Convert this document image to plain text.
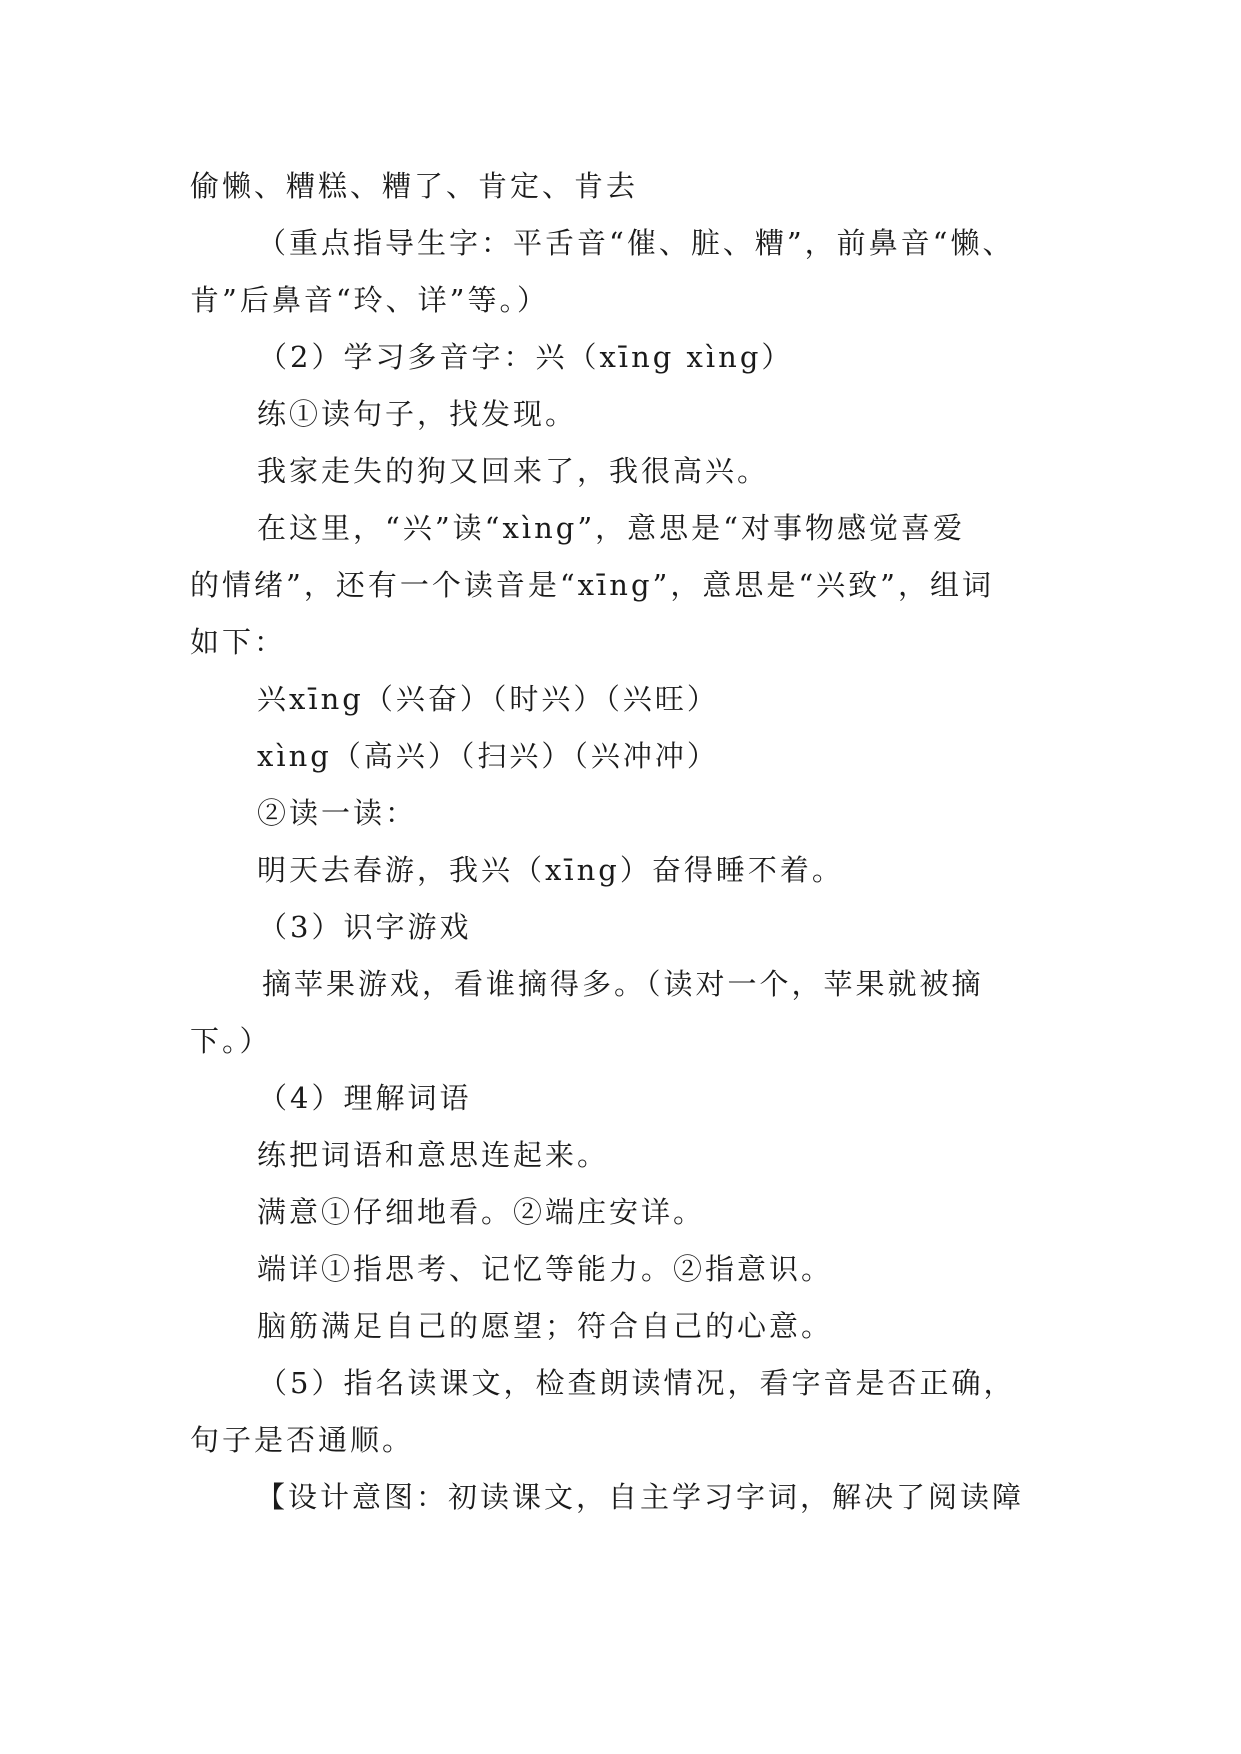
偷懒、糟糕、糟了、肯定、肯去
（重点指导生字：平舌音“催、脏、糟”，前鼻音“懒、
肯”后鼻音“玲、详”等。）
（2）学习多音字：兴（xīng xìng）
练①读句子，找发现。
我家走失的狗又回来了，我很高兴。
在这里，“兴”读“xìng”，意思是“对事物感觉喜爱
的情绪”，还有一个读音是“xīng”，意思是“兴致”，组词
如下：
兴xīng（兴奋）（时兴）（兴旺）
xìng（高兴）（扫兴）（兴冲冲）
②读一读：
明天去春游，我兴（xīng）奋得睡不着。
（3）识字游戏
摘苹果游戏，看谁摘得多。（读对一个，苹果就被摘
下。）
（4）理解词语
练把词语和意思连起来。
满意①仔细地看。②端庄安详。
端详①指思考、记忆等能力。②指意识。
脑筋满足自己的愿望；符合自己的心意。
（5）指名读课文，检查朗读情况，看字音是否正确，
句子是否通顺。
【设计意图：初读课文，自主学习字词，解决了阅读障
